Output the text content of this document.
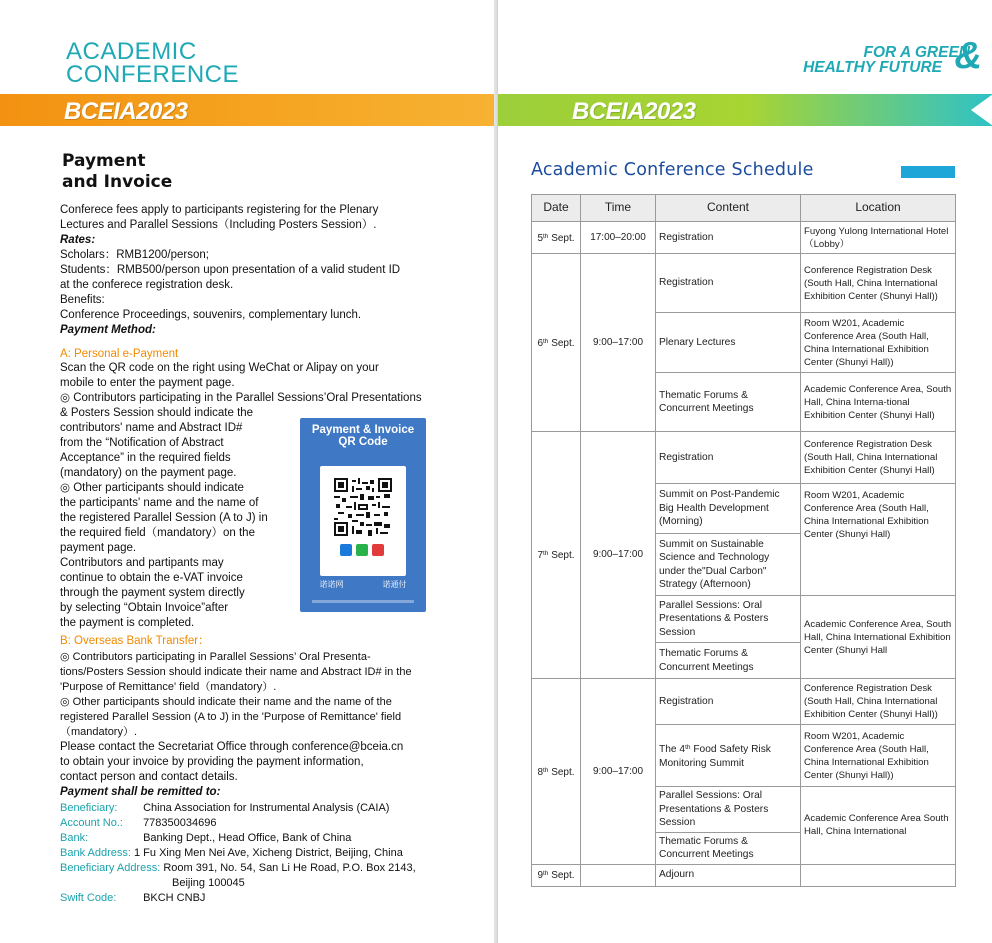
ACADEMIC
CONFERENCE
BCEIA2023
Payment
and Invoice
Conferece fees apply to participants registering for the Plenary
Lectures and Parallel Sessions（Including Posters Session）.
Rates:
Scholars：RMB1200/person;
Students：RMB500/person upon presentation of a valid student ID
at the conferece registration desk.
Benefits:
Conference Proceedings, souvenirs, complementary lunch.
Payment Method:
A: Personal e-Payment
Scan the QR code on the right using WeChat or Alipay on your
mobile to enter the payment page.
◎ Contributors participating in the Parallel Sessions’Oral Presentations
& Posters Session should indicate the
contributors' name and Abstract ID#
from the “Notification of Abstract
Acceptance” in the required fields
(mandatory) on the payment page.
◎ Other participants should indicate
the participants' name and the name of
the registered Parallel Session (A to J) in
the required field（mandatory）on the
payment page.
Contributors and partipants may
continue to obtain the e-VAT invoice
through the payment system directly
by selecting “Obtain Invoice”after
the payment is completed.
Payment & Invoice
QR Code
诺诺网	诺通付
B: Overseas Bank Transfer：
◎ Contributors participating in Parallel Sessions’ Oral Presenta-
tions/Posters Session should indicate their name and Abstract ID# in the
'Purpose of Remittance' field（mandatory）.
◎ Other participants should indicate their name and the name of the
registered Parallel Session (A to J) in the 'Purpose of Remittance' field
（mandatory）.
Please contact the Secretariat Office through conference@bceia.cn
to obtain your invoice by providing the payment information,
contact person and contact details.
Payment shall be remitted to:
Beneficiary: China Association for Instrumental Analysis (CAIA)
Account No.: 778350034696
Bank:	Banking Dept., Head Office, Bank of China
Bank Address: 1 Fu Xing Men Nei Ave, Xicheng District, Beijing, China
Beneficiary Address: Room 391, No. 54, San Li He Road, P.O. Box 2143,
Beijing 100045
Swift Code: BKCH CNBJ
FOR A GREEN
HEALTHY FUTURE &
BCEIA2023
Academic Conference Schedule
Date	Time	Content	Location
5th Sept.	17:00–20:00	Registration	Fuyong Yulong International Hotel（Lobby）
6th Sept.	9:00–17:00	Registration	Conference Registration Desk (South Hall, China International Exhibition Center (Shunyi Hall))
		Plenary Lectures	Room W201, Academic Conference Area (South Hall, China International Exhibition Center (Shunyi Hall))
		Thematic Forums & Concurrent Meetings	Academic Conference Area, South Hall, China Interna-tional Exhibition Center (Shunyi Hall)
7th Sept.	9:00–17:00	Registration	Conference Registration Desk (South Hall, China International Exhibition Center (Shunyi Hall)
		Summit on Post-Pandemic Big Health Development (Morning)	Room W201, Academic Conference Area (South Hall, China International Exhibition Center (Shunyi Hall)
		Summit on Sustainable Science and Technology under the"Dual Carbon" Strategy (Afternoon)	
		Parallel Sessions: Oral Presentations & Posters Session	Academic Conference Area, South Hall, China International Exhibition Center (Shunyi Hall
		Thematic Forums & Concurrent Meetings	
8th Sept.	9:00–17:00	Registration	Conference Registration Desk (South Hall, China International Exhibition Center (Shunyi Hall))
		The 4th Food Safety Risk Monitoring Summit	Room W201, Academic Conference Area (South Hall, China International Exhibition Center (Shunyi Hall))
		Parallel Sessions: Oral Presentations & Posters Session	Academic Conference Area South Hall, China International
		Thematic Forums & Concurrent Meetings	
9th Sept.		Adjourn	
